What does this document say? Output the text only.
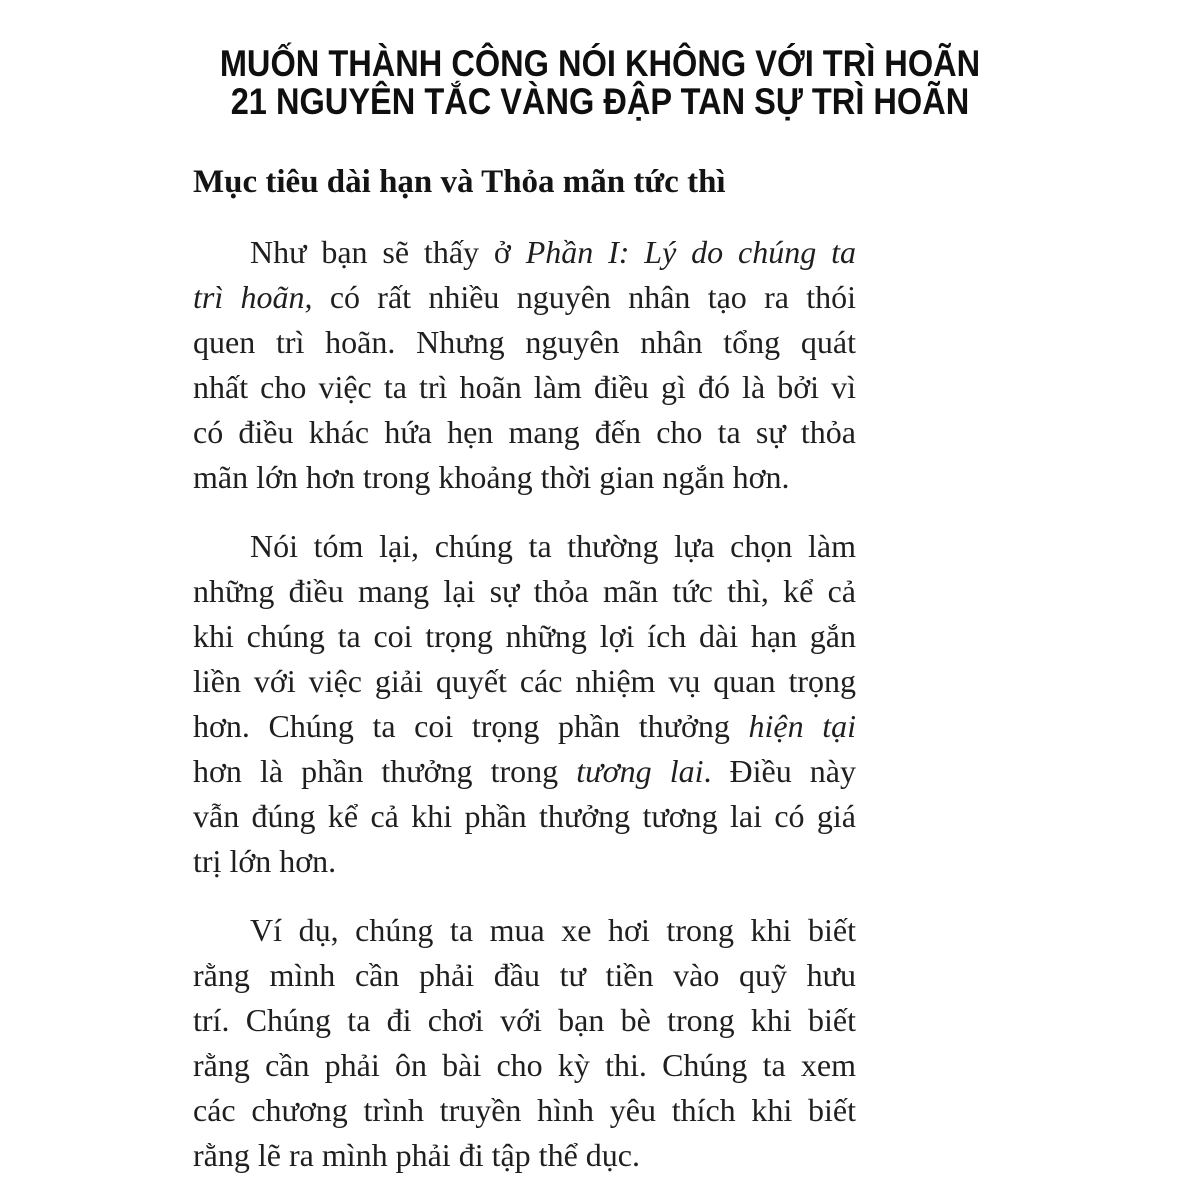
MUỐN THÀNH CÔNG NÓI KHÔNG VỚI TRÌ HOÃN
21 NGUYÊN TẮC VÀNG ĐẬP TAN SỰ TRÌ HOÃN
Mục tiêu dài hạn và Thỏa mãn tức thì
Như bạn sẽ thấy ở Phần I: Lý do chúng ta
trì hoãn, có rất nhiều nguyên nhân tạo ra thói
quen trì hoãn. Nhưng nguyên nhân tổng quát
nhất cho việc ta trì hoãn làm điều gì đó là bởi vì
có điều khác hứa hẹn mang đến cho ta sự thỏa
mãn lớn hơn trong khoảng thời gian ngắn hơn.
Nói tóm lại, chúng ta thường lựa chọn làm
những điều mang lại sự thỏa mãn tức thì, kể cả
khi chúng ta coi trọng những lợi ích dài hạn gắn
liền với việc giải quyết các nhiệm vụ quan trọng
hơn. Chúng ta coi trọng phần thưởng hiện tại
hơn là phần thưởng trong tương lai. Điều này
vẫn đúng kể cả khi phần thưởng tương lai có giá
trị lớn hơn.
Ví dụ, chúng ta mua xe hơi trong khi biết
rằng mình cần phải đầu tư tiền vào quỹ hưu
trí. Chúng ta đi chơi với bạn bè trong khi biết
rằng cần phải ôn bài cho kỳ thi. Chúng ta xem
các chương trình truyền hình yêu thích khi biết
rằng lẽ ra mình phải đi tập thể dục.
